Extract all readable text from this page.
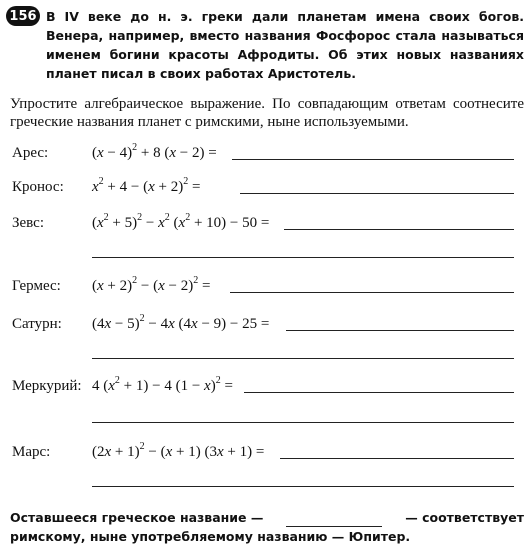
156 В IV веке до н. э. греки дали планетам имена своих богов. Венера, например, вместо названия Фосфорос стала называться именем богини красоты Афродиты. Об этих новых названиях планет писал в своих работах Аристотель.
Упростите алгебраическое выражение. По совпадающим ответам соотнесите греческие названия планет с римскими, ныне используемыми.
Арес:	$(x - 4)^2 + 8$ (x − 2) =
Кронос: $x^2 + 4 - (x + 2)^2$ =
Зевс:	$(x^2 + 5)^2 - x^2$ $(x^2 + 10) - 50$ =
Гермес: $(x + 2)^2 - (x - 2)^2$ =
Сатурн: $(4x - 5)^2 - 4x$ (4x − 9) − 25 =
Меркурий: 4 $(x^2 + 1) - 4$ $(1 - x)^2$ =
Марс:	$(2x + 1)^2 - (x + 1)$ (3x + 1) =
Оставшееся греческое название —	— соответствует
римскому, ныне употребляемому названию — Юпитер.
